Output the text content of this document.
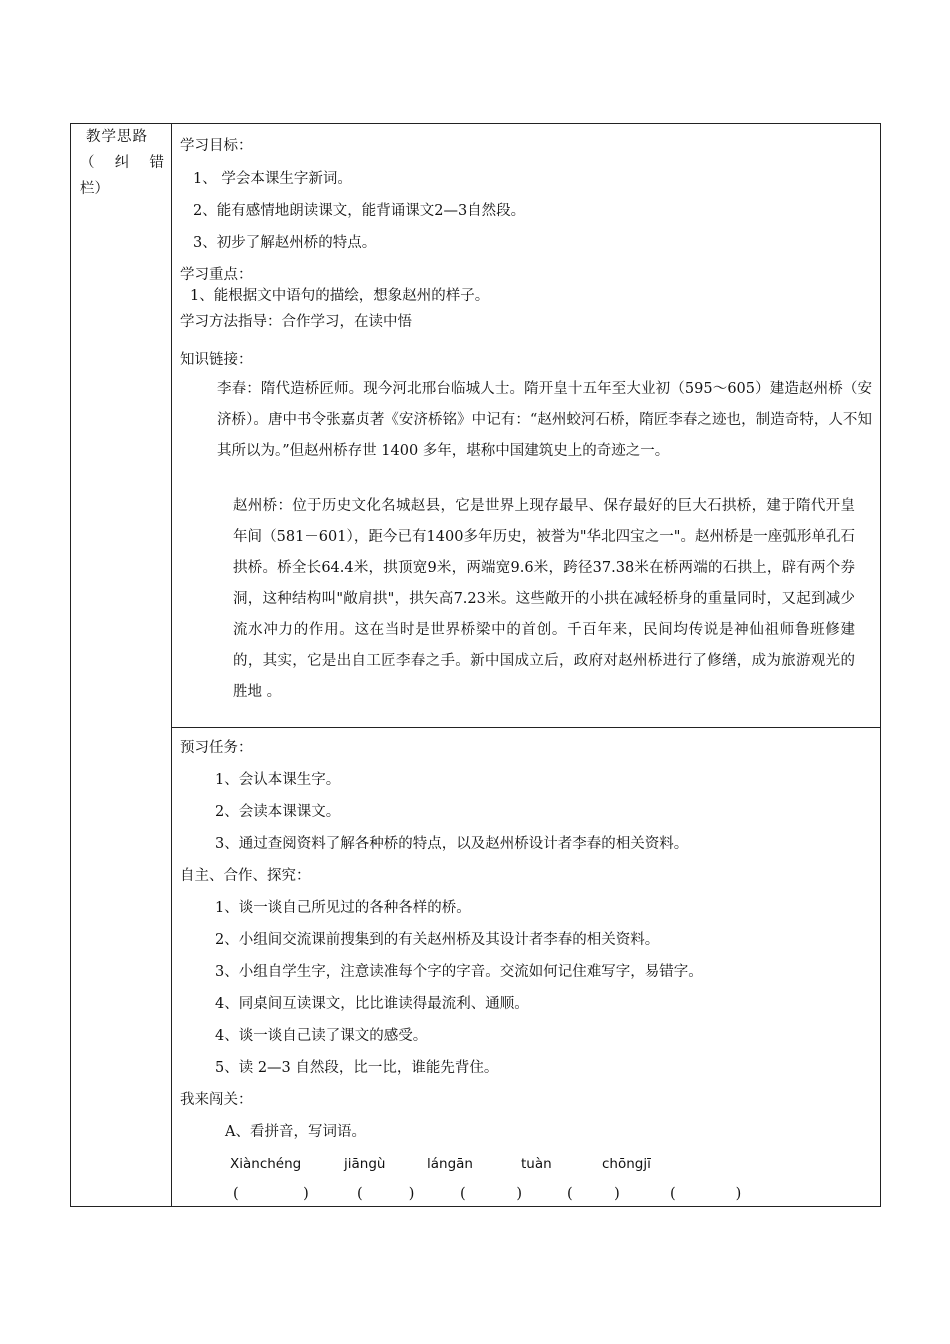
教学思路
（ 纠 错
栏）
学习目标：
1、 学会本课生字新词。
2、能有感情地朗读课文，能背诵课文2—3自然段。
3、初步了解赵州桥的特点。
学习重点：
1、能根据文中语句的描绘，想象赵州的样子。
学习方法指导：合作学习，在读中悟
知识链接：
李春：隋代造桥匠师。现今河北邢台临城人士。隋开皇十五年至大业初（595～605）建造赵州桥（安济桥）。唐中书令张嘉贞著《安济桥铭》中记有：“赵州蛟河石桥，隋匠李春之迹也，制造奇特，人不知其所以为。”但赵州桥存世 1400 多年，堪称中国建筑史上的奇迹之一。
赵州桥：位于历史文化名城赵县，它是世界上现存最早、保存最好的巨大石拱桥，建于隋代开皇年间（581－601），距今已有1400多年历史，被誉为"华北四宝之一"。赵州桥是一座弧形单孔石拱桥。桥全长64.4米，拱顶宽9米，两端宽9.6米，跨径37.38米在桥两端的石拱上，辟有两个券洞，这种结构叫"敞肩拱"，拱矢高7.23米。这些敞开的小拱在减轻桥身的重量同时，又起到减少流水冲力的作用。这在当时是世界桥梁中的首创。千百年来，民间均传说是神仙祖师鲁班修建的，其实，它是出自工匠李春之手。新中国成立后，政府对赵州桥进行了修缮，成为旅游观光的胜地 。
预习任务：
1、会认本课生字。
2、会读本课课文。
3、通过查阅资料了解各种桥的特点，以及赵州桥设计者李春的相关资料。
自主、合作、探究：
1、谈一谈自己所见过的各种各样的桥。
2、小组间交流课前搜集到的有关赵州桥及其设计者李春的相关资料。
3、小组自学生字，注意读准每个字的字音。交流如何记住难写字，易错字。
4、同桌间互读课文，比比谁读得最流利、通顺。
4、谈一谈自己读了课文的感受。
5、读 2—3 自然段，比一比，谁能先背住。
我来闯关：
A、看拼音，写词语。
Xiànchéng	jiāngù	lángān	tuàn	chōngjī
(              )	(          )	(           )	(         )	(             )
